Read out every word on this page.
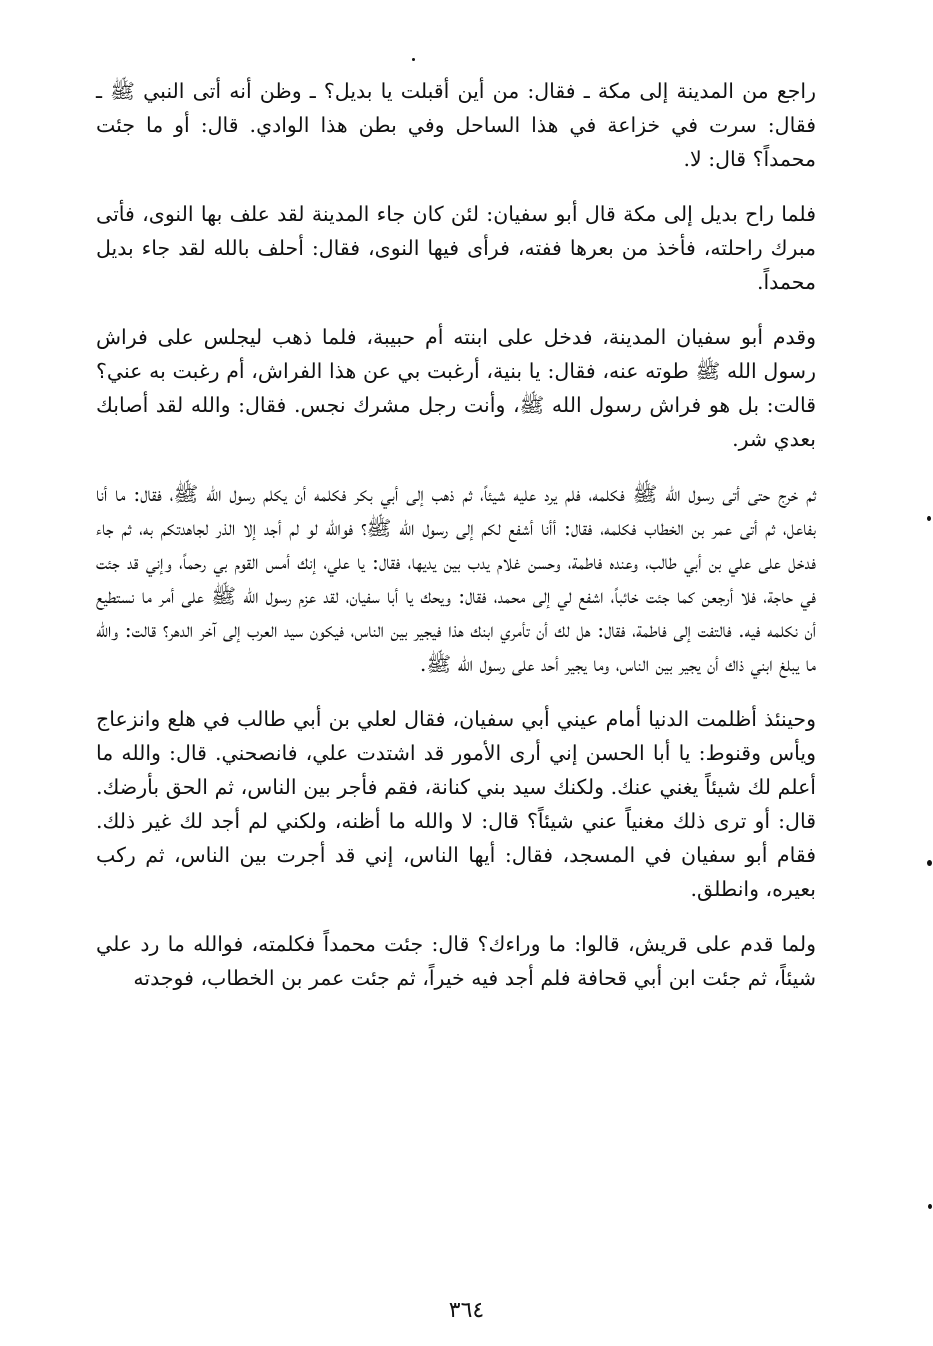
راجع من المدينة إلى مكة ـ فقال: من أين أقبلت يا بديل؟ ـ وظن أنه أتى النبي ﷺ ـ فقال: سرت في خزاعة في هذا الساحل وفي بطن هذا الوادي. قال: أو ما جئت محمداً؟ قال: لا.

فلما راح بديل إلى مكة قال أبو سفيان: لئن كان جاء المدينة لقد علف بها النوى، فأتى مبرك راحلته، فأخذ من بعرها ففته، فرأى فيها النوى، فقال: أحلف بالله لقد جاء بديل محمداً.

وقدم أبو سفيان المدينة، فدخل على ابنته أم حبيبة، فلما ذهب ليجلس على فراش رسول الله ﷺ طوته عنه، فقال: يا بنية، أرغبت بي عن هذا الفراش، أم رغبت به عني؟ قالت: بل هو فراش رسول الله ﷺ، وأنت رجل مشرك نجس. فقال: والله لقد أصابك بعدي شر.

ثم خرج حتى أتى رسول الله ﷺ فكلمه، فلم يرد عليه شيئاً، ثم ذهب إلى أبي بكر فكلمه أن يكلم رسول الله ﷺ، فقال: ما أنا بفاعل، ثم أتى عمر بن الخطاب فكلمه، فقال: أأنا أشفع لكم إلى رسول الله ﷺ؟ فوالله لو لم أجد إلا الذر لجاهدتكم به، ثم جاء فدخل على علي بن أبي طالب، وعنده فاطمة، وحسن غلام يدب بين يديها، فقال: يا علي، إنك أمس القوم بي رحماً، وإني قد جئت في حاجة، فلا أرجعن كما جئت خائباً، اشفع لي إلى محمد، فقال: ويحك يا أبا سفيان، لقد عزم رسول الله ﷺ على أمر ما نستطيع أن نكلمه فيه. فالتفت إلى فاطمة، فقال: هل لك أن تأمري ابنك هذا فيجير بين الناس، فيكون سيد العرب إلى آخر الدهر؟ قالت: والله ما يبلغ ابني ذاك أن يجير بين الناس، وما يجير أحد على رسول الله ﷺ.

وحينئذ أظلمت الدنيا أمام عيني أبي سفيان، فقال لعلي بن أبي طالب في هلع وانزعاج ويأس وقنوط: يا أبا الحسن إني أرى الأمور قد اشتدت علي، فانصحني. قال: والله ما أعلم لك شيئاً يغني عنك. ولكنك سيد بني كنانة، فقم فأجر بين الناس، ثم الحق بأرضك. قال: أو ترى ذلك مغنياً عني شيئاً؟ قال: لا والله ما أظنه، ولكني لم أجد لك غير ذلك. فقام أبو سفيان في المسجد، فقال: أيها الناس، إني قد أجرت بين الناس، ثم ركب بعيره، وانطلق.

ولما قدم على قريش، قالوا: ما وراءك؟ قال: جئت محمداً فكلمته، فوالله ما رد علي شيئاً، ثم جئت ابن أبي قحافة فلم أجد فيه خيراً، ثم جئت عمر بن الخطاب، فوجدته

٣٦٤
